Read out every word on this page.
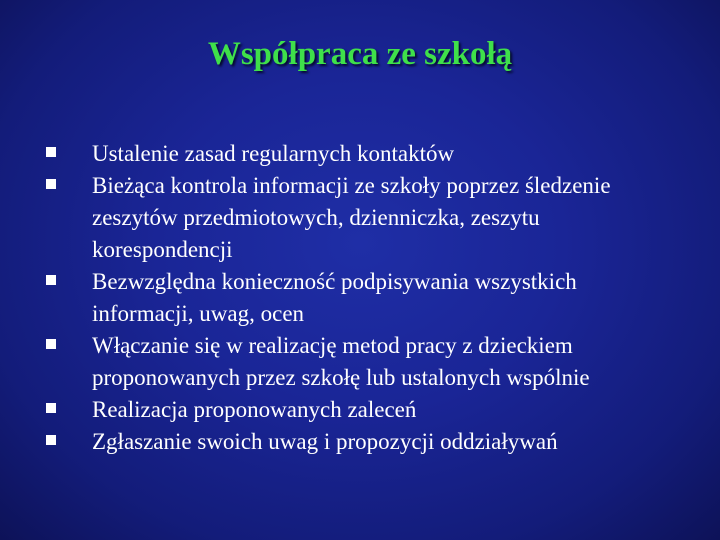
Współpraca ze szkołą
Ustalenie zasad regularnych kontaktów
Bieżąca kontrola informacji ze szkoły poprzez śledzenie zeszytów przedmiotowych, dzienniczka, zeszytu korespondencji
Bezwzględna konieczność podpisywania wszystkich informacji, uwag, ocen
Włączanie się w realizację metod pracy z dzieckiem proponowanych przez szkołę lub ustalonych wspólnie
Realizacja proponowanych zaleceń
Zgłaszanie swoich uwag i propozycji oddziaływań
